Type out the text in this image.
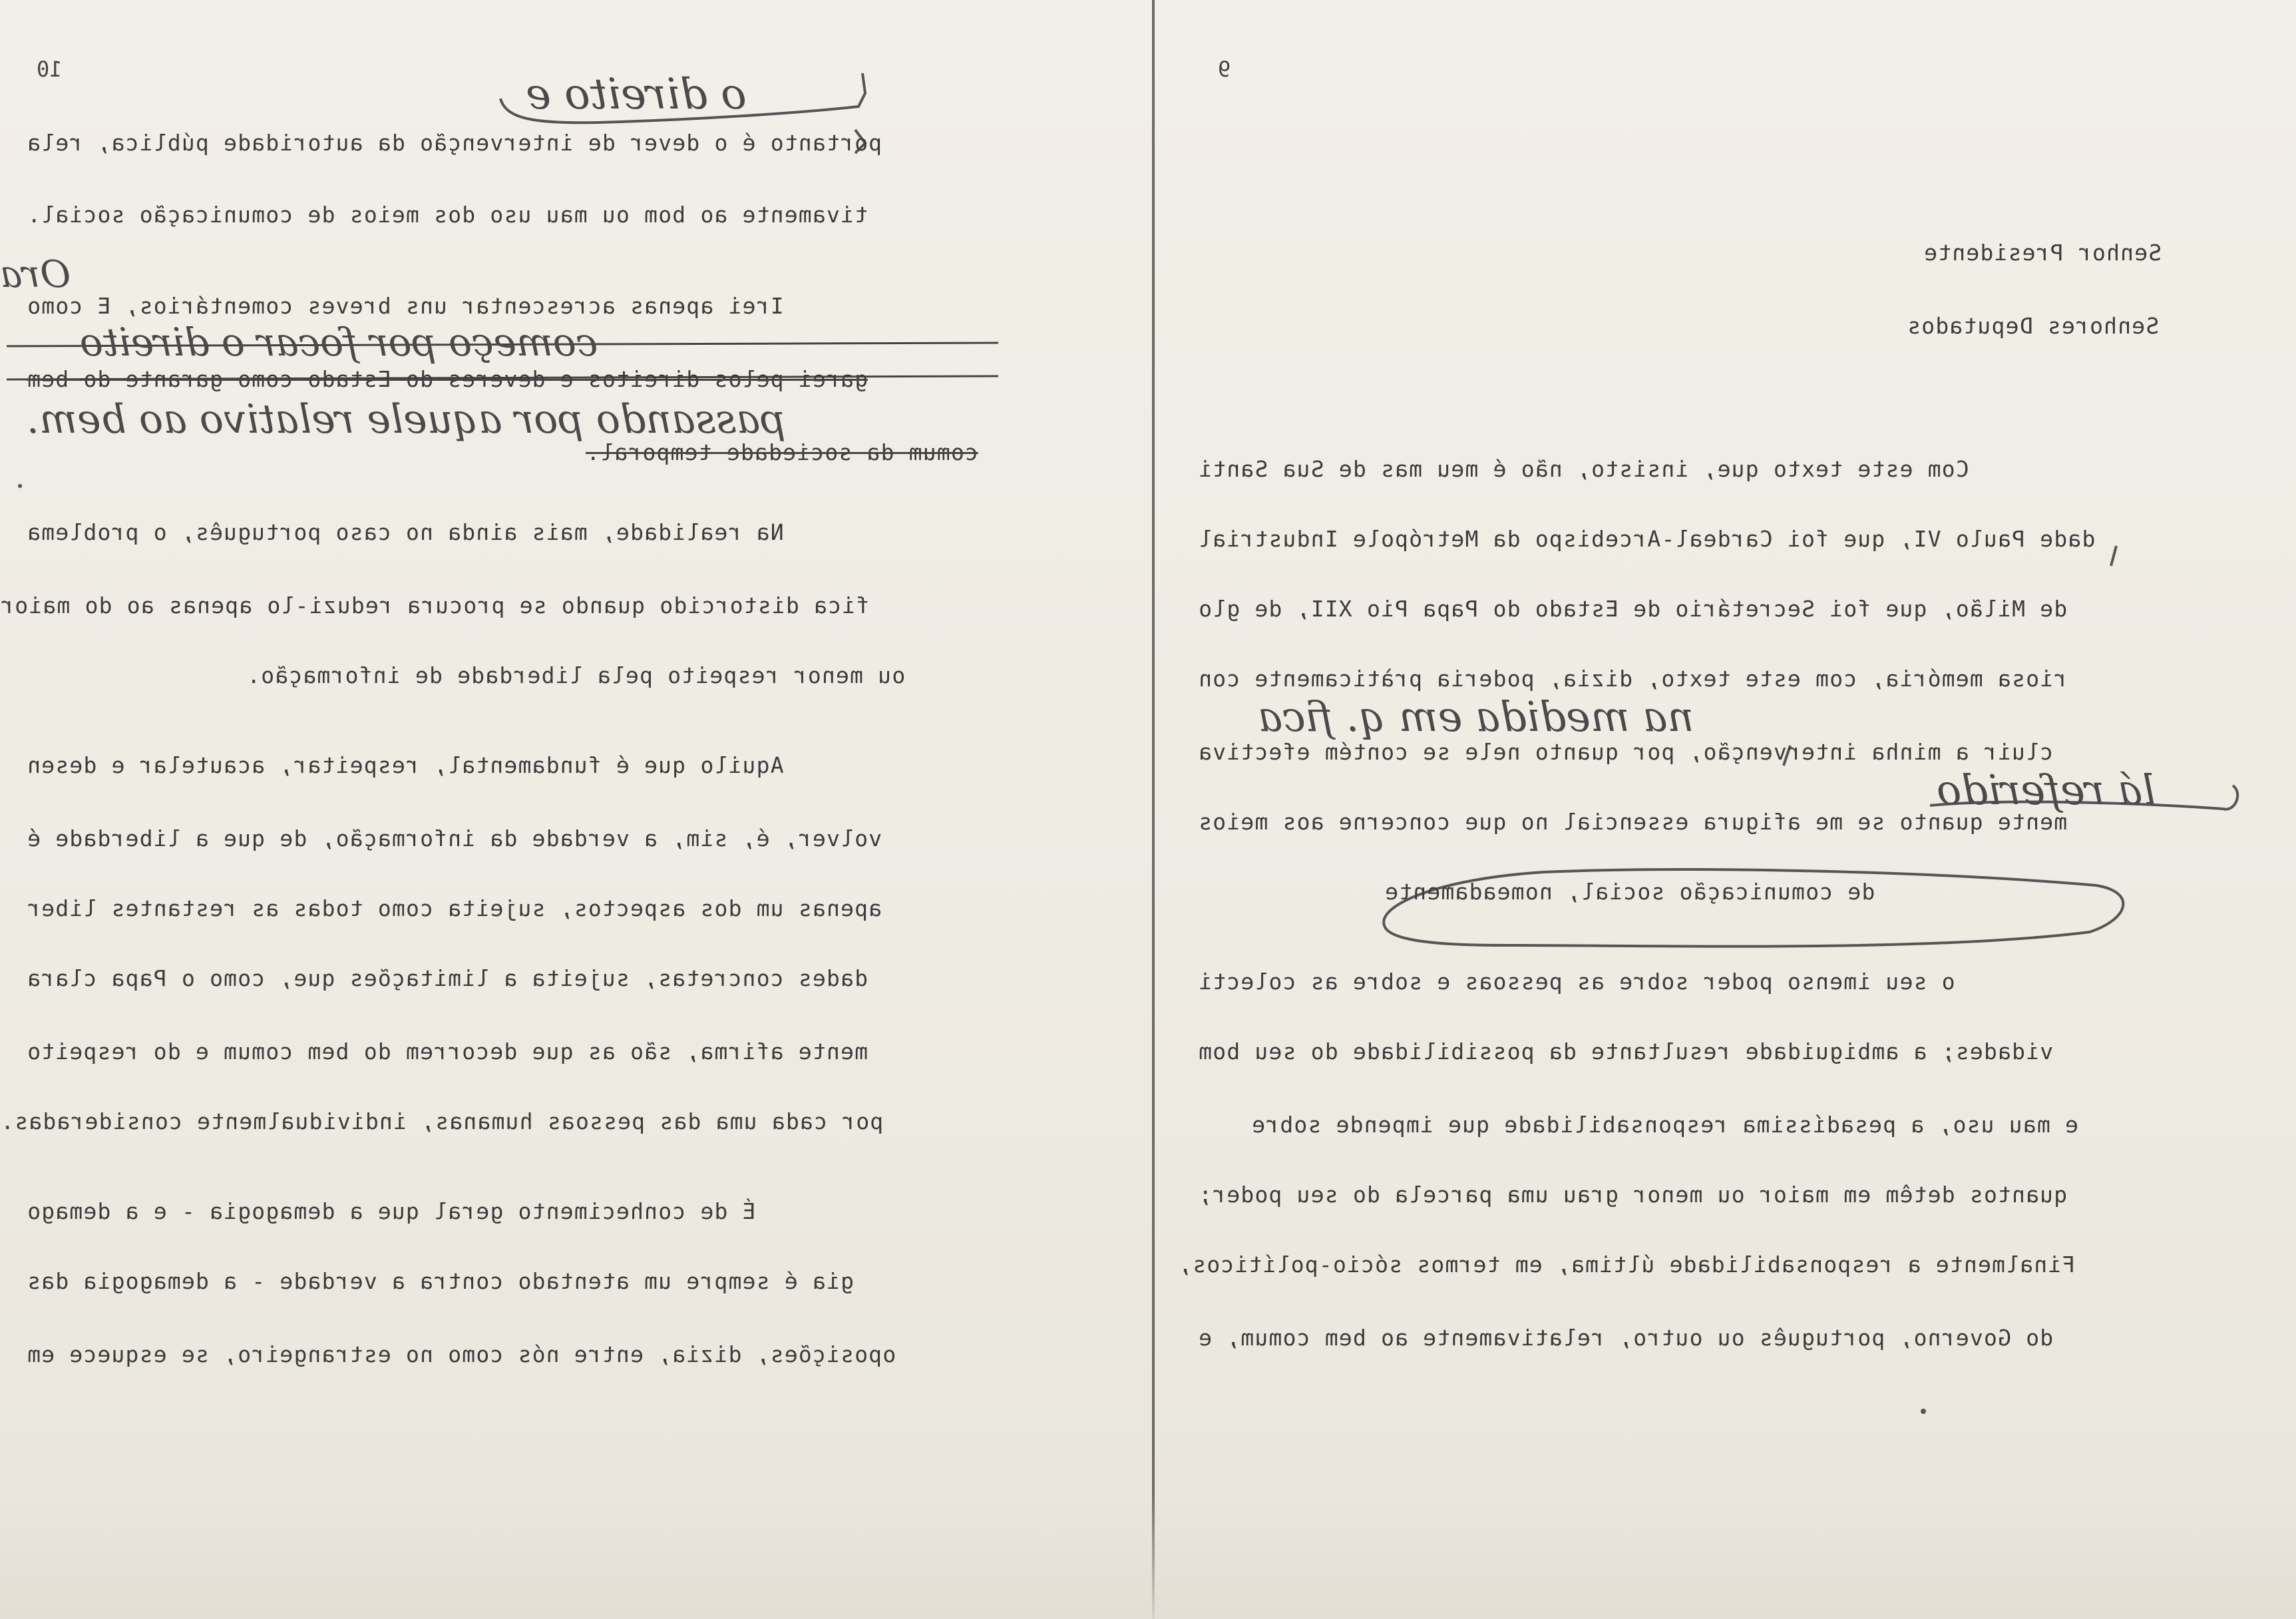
10
o direito e
portanto é o dever de intervenção da autoridade pública, rela
tivamente ao bom ou mau uso dos meios de comunicação social.
Irei apenas acrescentar uns breves comentários, E como
Ora
começo por focar o direito
garei pelos direitos e deveres do Estado como garante do bem
passando por aquele relativo ao bem.
comum da sociedade temporal.
Na realidade, mais ainda no caso português, o problema
fica distorcido quando se procura reduzi-lo apenas ao do maior
ou menor respeito pela liberdade de informação.
Aquilo que é fundamental, respeitar, acautelar e desen
volver, é, sim, a verdade da informação, de que a liberdade é
apenas um dos aspectos, sujeita como todas as restantes liber
dades concretas, sujeita a limitações que, como o Papa clara
mente afirma, são as que decorrem do bem comum e do respeito
por cada uma das pessoas humanas, individualmente consideradas.
É de conhecimento geral que a demagogia - e a demago
gia é sempre um atentado contra a verdade - a demagogia das
oposições, dizia, entre nós como no estrangeiro, se esquece em
9
Senhor Presidente
Senhores Deputados
Com este texto que, insisto, não é meu mas de Sua Santi
dade Paulo VI, que foi Cardeal-Arcebispo da Metrópole Industrial
de Milão, que foi Secretário de Estado do Papa Pio XII, de glo
riosa memória, com este texto, dizia, poderia pràticamente con
na medida em q. fica
cluir a minha intervenção, por quanto nele se contém efectiva
lá referido
mente quanto se me afigura essencial no que concerne aos meios
de comunicação social, nomeadamente
o seu imenso poder sobre as pessoas e sobre as colecti
vidades; a ambiguidade resultante da possibilidade do seu bom
e mau uso, a pesadíssima responsabilidade que impende sobre
quantos detêm em maior ou menor grau uma parcela do seu poder;
Finalmente a responsabilidade última, em termos sócio-políticos,
do Governo, português ou outro, relativamente ao bem comum, e
